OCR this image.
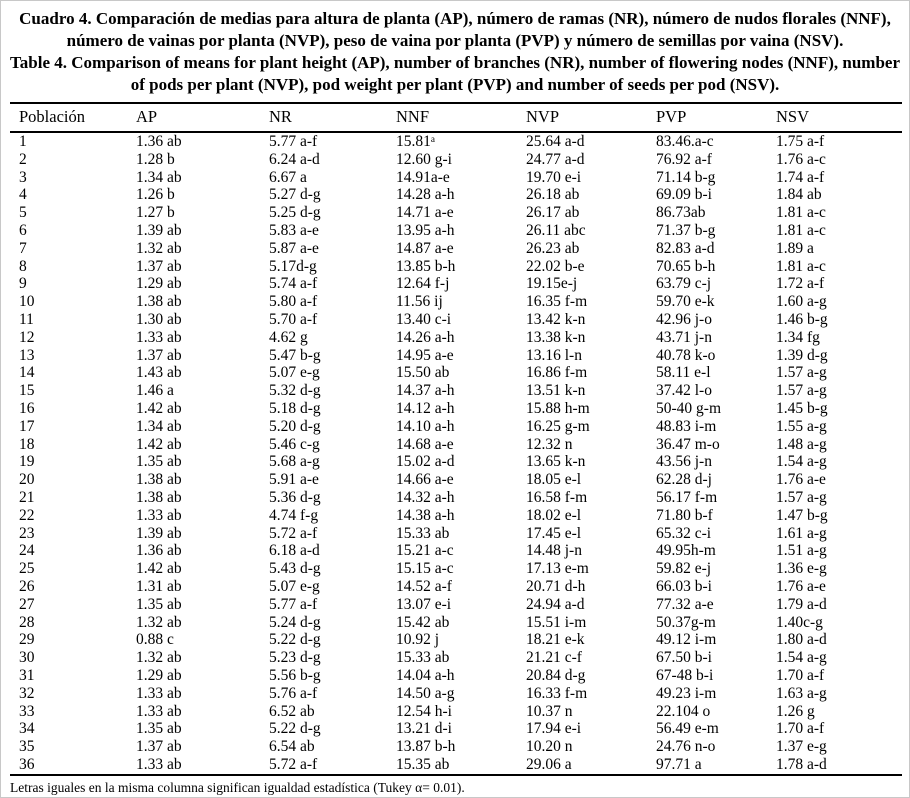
Cuadro 4. Comparación de medias para altura de planta (AP), número de ramas (NR), número de nudos florales (NNF), número de vainas por planta (NVP), peso de vaina por planta (PVP) y número de semillas por vaina (NSV).

Table 4. Comparison of means for plant height (AP), number of branches (NR), number of flowering nodes (NNF), number of pods per plant (NVP), pod weight per plant (PVP) and number of seeds per pod (NSV).

Población	AP	NR	NNF	NVP	PVP	NSV
1	1.36 ab	5.77 a-f	15.81ᵃ	25.64 a-d	83.46.a-c	1.75 a-f
2	1.28 b	6.24 a-d	12.60 g-i	24.77 a-d	76.92 a-f	1.76 a-c
3	1.34 ab	6.67 a	14.91a-e	19.70 e-i	71.14 b-g	1.74 a-f
4	1.26 b	5.27 d-g	14.28 a-h	26.18 ab	69.09 b-i	1.84 ab
5	1.27 b	5.25 d-g	14.71 a-e	26.17 ab	86.73ab	1.81 a-c
6	1.39 ab	5.83 a-e	13.95 a-h	26.11 abc	71.37 b-g	1.81 a-c
7	1.32 ab	5.87 a-e	14.87 a-e	26.23 ab	82.83 a-d	1.89 a
8	1.37 ab	5.17d-g	13.85 b-h	22.02 b-e	70.65 b-h	1.81 a-c
9	1.29 ab	5.74 a-f	12.64 f-j	19.15e-j	63.79 c-j	1.72 a-f
10	1.38 ab	5.80 a-f	11.56 ij	16.35 f-m	59.70 e-k	1.60 a-g
11	1.30 ab	5.70 a-f	13.40 c-i	13.42 k-n	42.96 j-o	1.46 b-g
12	1.33 ab	4.62 g	14.26 a-h	13.38 k-n	43.71 j-n	1.34 fg
13	1.37 ab	5.47 b-g	14.95 a-e	13.16 l-n	40.78 k-o	1.39 d-g
14	1.43 ab	5.07 e-g	15.50 ab	16.86 f-m	58.11 e-l	1.57 a-g
15	1.46 a	5.32 d-g	14.37 a-h	13.51 k-n	37.42 l-o	1.57 a-g
16	1.42 ab	5.18 d-g	14.12 a-h	15.88 h-m	50-40 g-m	1.45 b-g
17	1.34 ab	5.20 d-g	14.10 a-h	16.25 g-m	48.83 i-m	1.55 a-g
18	1.42 ab	5.46 c-g	14.68 a-e	12.32 n	36.47 m-o	1.48 a-g
19	1.35 ab	5.68 a-g	15.02 a-d	13.65 k-n	43.56 j-n	1.54 a-g
20	1.38 ab	5.91 a-e	14.66 a-e	18.05 e-l	62.28 d-j	1.76 a-e
21	1.38 ab	5.36 d-g	14.32 a-h	16.58 f-m	56.17 f-m	1.57 a-g
22	1.33 ab	4.74 f-g	14.38 a-h	18.02 e-l	71.80 b-f	1.47 b-g
23	1.39 ab	5.72 a-f	15.33 ab	17.45 e-l	65.32 c-i	1.61 a-g
24	1.36 ab	6.18 a-d	15.21 a-c	14.48 j-n	49.95h-m	1.51 a-g
25	1.42 ab	5.43 d-g	15.15 a-c	17.13 e-m	59.82 e-j	1.36 e-g
26	1.31 ab	5.07 e-g	14.52 a-f	20.71 d-h	66.03 b-i	1.76 a-e
27	1.35 ab	5.77 a-f	13.07 e-i	24.94 a-d	77.32 a-e	1.79 a-d
28	1.32 ab	5.24 d-g	15.42 ab	15.51 i-m	50.37g-m	1.40c-g
29	0.88 c	5.22 d-g	10.92 j	18.21 e-k	49.12 i-m	1.80 a-d
30	1.32 ab	5.23 d-g	15.33 ab	21.21 c-f	67.50 b-i	1.54 a-g
31	1.29 ab	5.56 b-g	14.04 a-h	20.84 d-g	67-48 b-i	1.70 a-f
32	1.33 ab	5.76 a-f	14.50 a-g	16.33 f-m	49.23 i-m	1.63 a-g
33	1.33 ab	6.52 ab	12.54 h-i	10.37 n	22.104 o	1.26 g
34	1.35 ab	5.22 d-g	13.21 d-i	17.94 e-i	56.49 e-m	1.70 a-f
35	1.37 ab	6.54 ab	13.87 b-h	10.20 n	24.76 n-o	1.37 e-g
36	1.33 ab	5.72 a-f	15.35 ab	29.06 a	97.71 a	1.78 a-d

Letras iguales en la misma columna significan igualdad estadística (Tukey α= 0.01).
